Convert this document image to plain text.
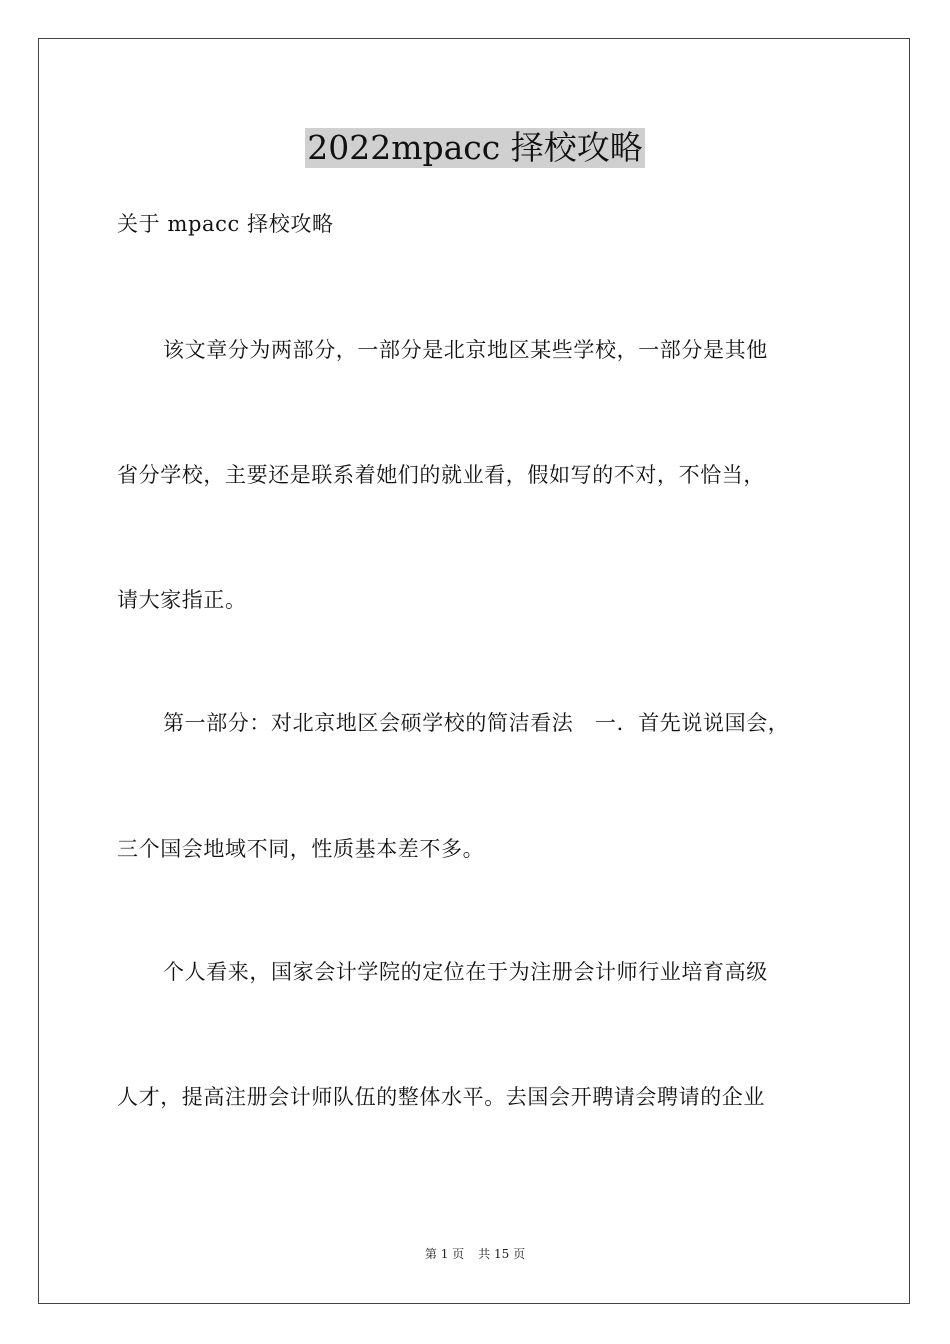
2022mpacc 择校攻略
关于 mpacc 择校攻略
该文章分为两部分，一部分是北京地区某些学校，一部分是其他
省分学校，主要还是联系着她们的就业看，假如写的不对，不恰当，
请大家指正。
第一部分：对北京地区会硕学校的简洁看法　一．首先说说国会，
三个国会地域不同，性质基本差不多。
个人看来，国家会计学院的定位在于为注册会计师行业培育高级
人才，提高注册会计师队伍的整体水平。去国会开聘请会聘请的企业
第 1 页 共 15 页
